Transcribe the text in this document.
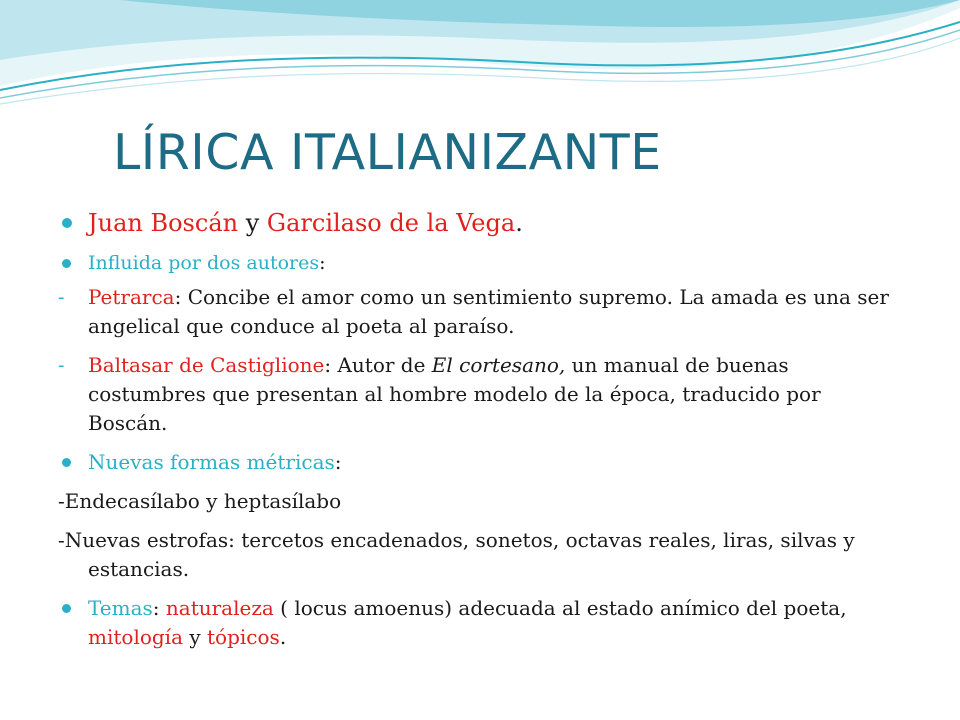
LÍRICA ITALIANIZANTE
Juan Boscán y Garcilaso de la Vega.
Influida por dos autores:
-	Petrarca: Concibe el amor como un sentimiento supremo. La amada es una ser angelical que conduce al poeta al paraíso.
-	Baltasar de Castiglione: Autor de El cortesano, un manual de buenas costumbres que presentan al hombre modelo de la época, traducido por Boscán.
Nuevas formas métricas:
-Endecasílabo y heptasílabo
-Nuevas estrofas: tercetos encadenados, sonetos, octavas reales, liras, silvas y estancias.
Temas: naturaleza ( locus amoenus) adecuada al estado anímico del poeta, mitología y tópicos.
